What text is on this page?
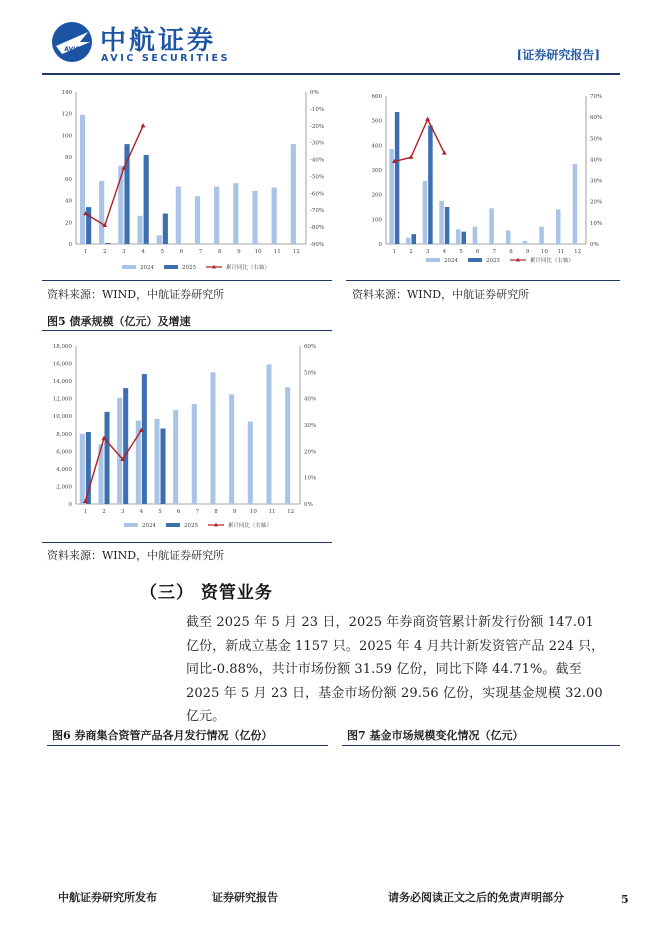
AVIC 中航证券
AVIC SECURITIES	[证券研究报告]
0
20
40
60
80
100
120
140
-90%
-80%
-70%
-60%
-50%
-40%
-30%
-20%
-10%
0%
1	2	3	4	5	6	7	8	9	10 11 12
2024	2025	累计同比（右轴）
资料来源：WIND，中航证券研究所
0
100
200
300
400
500
600
0%
10%
20%
30%
40%
50%
60%
70%
1 2 3 4 5 6 7 8 9 10 11 12
2024	2025	累计同比（右轴）
资料来源：WIND，中航证券研究所
图5 债承规模（亿元）及增速
0
2,000
4,000
6,000
8,000
10,000
12,000
14,000
16,000
18,000
0%
10%
20%
30%
40%
50%
60%
1	2	3	4	5	6	7	8	9 10 11 12
2024	2025	累计同比（右轴）
资料来源：WIND，中航证券研究所
（三） 资管业务
截至 2025 年 5 月 23 日，2025 年券商资管累计新发行份额 147.01 亿份，新成立基金 1157 只。2025 年 4 月共计新发资管产品 224 只，同比-0.88%，共计市场份额 31.59 亿份，同比下降 44.71%。截至 2025 年 5 月 23 日，基金市场份额 29.56 亿份，实现基金规模 32.00 亿元。
图6 券商集合资管产品各月发行情况（亿份）	图7 基金市场规模变化情况（亿元）
中航证券研究所发布	证券研究报告	请务必阅读正文之后的免责声明部分	5
